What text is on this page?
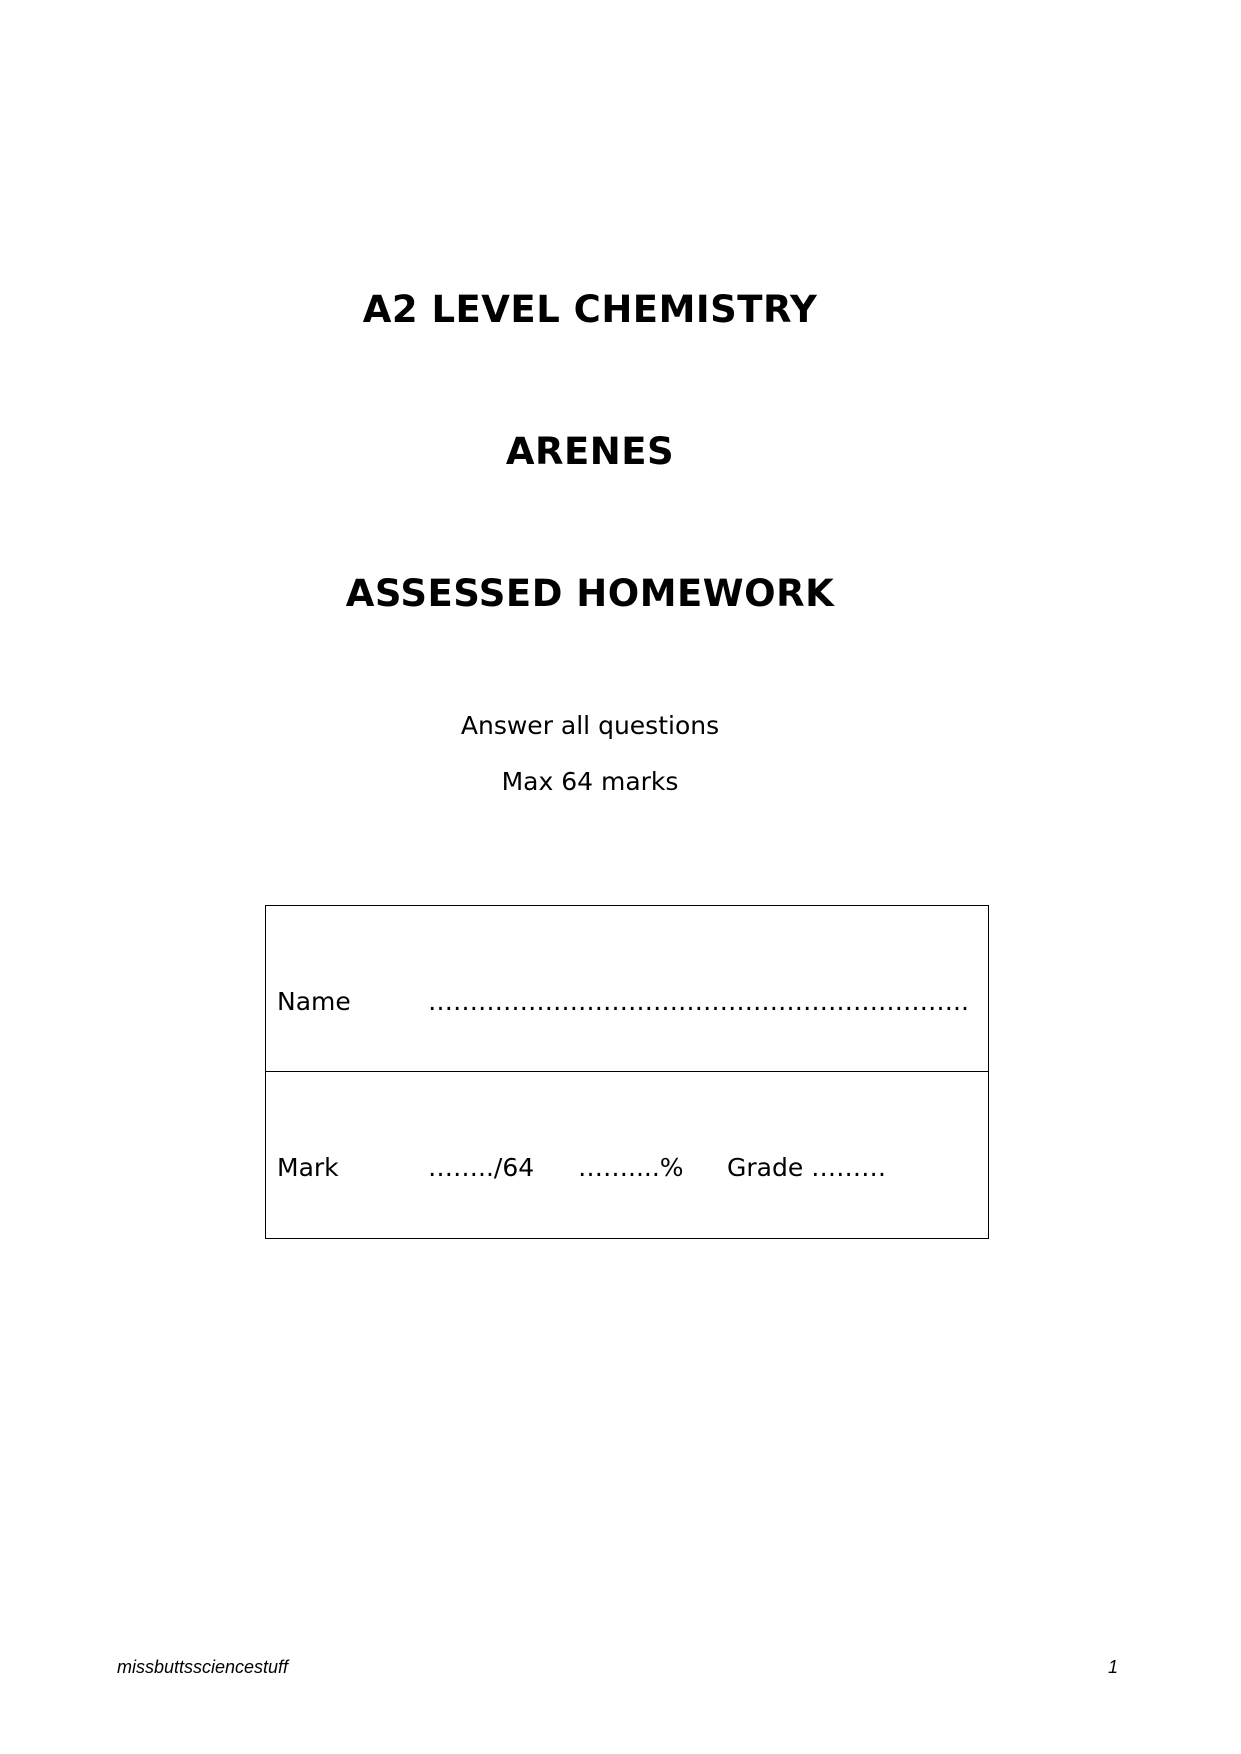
A2 LEVEL CHEMISTRY
ARENES
ASSESSED HOMEWORK
Answer all questions
Max 64 marks
Name	………………………………………………………..
Mark	……../64 ……....% Grade ………
missbuttssciencestuff	1
